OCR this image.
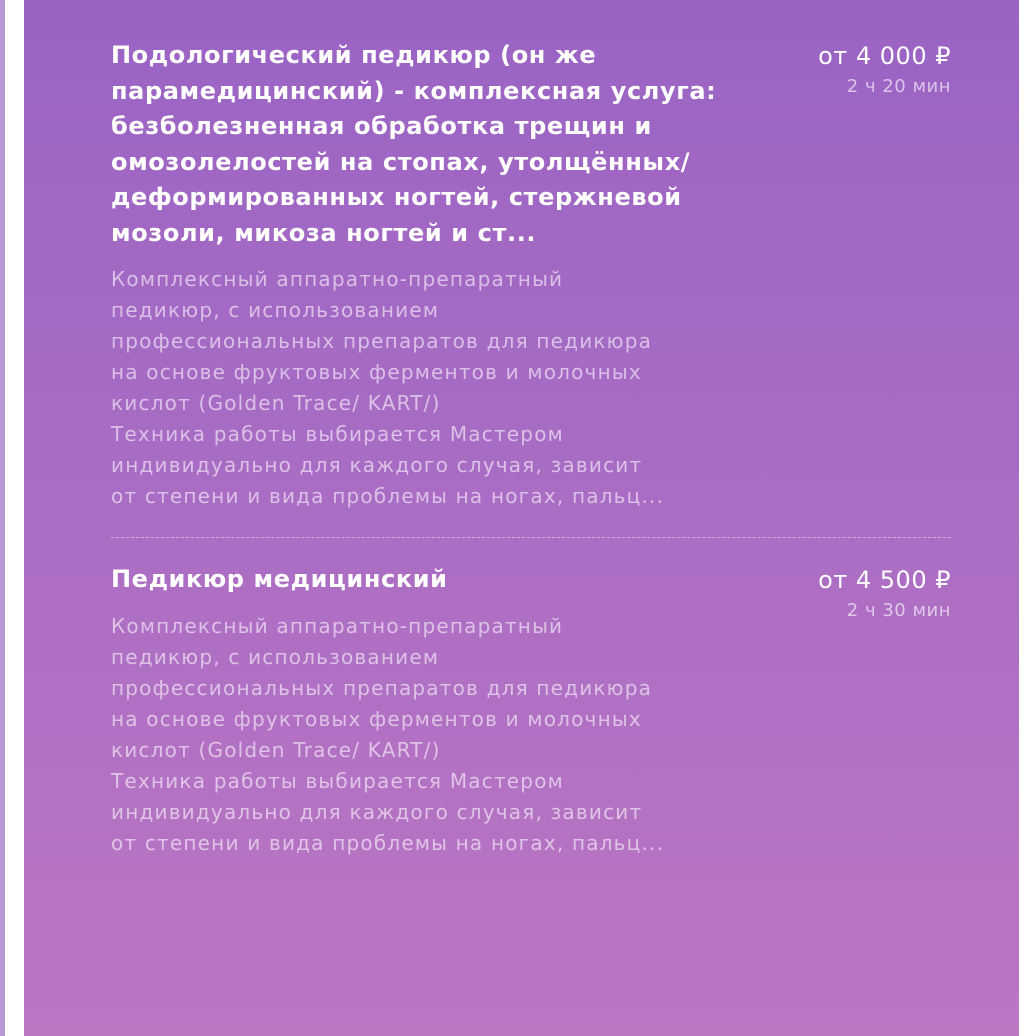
Подологический педикюр (он же парамедицинский) - комплексная услуга: безболезненная обработка трещин и омозолелостей на стопах, утолщённых/деформированных ногтей, стержневой мозоли, микоза ногтей и ст...

Комплексный аппаратно-препаратный
педикюр, с использованием
профессиональных препаратов для педикюра
на основе фруктовых ферментов и молочных
кислот (Golden Trace/ KART/)
Техника работы выбирается Мастером
индивидуально для каждого случая, зависит
от степени и вида проблемы на ногах, пальц...
от 4 000 ₽
2 ч 20 мин

Педикюр медицинский

Комплексный аппаратно-препаратный
педикюр, с использованием
профессиональных препаратов для педикюра
на основе фруктовых ферментов и молочных
кислот (Golden Trace/ KART/)
Техника работы выбирается Мастером
индивидуально для каждого случая, зависит
от степени и вида проблемы на ногах, пальц...
от 4 500 ₽
2 ч 30 мин
